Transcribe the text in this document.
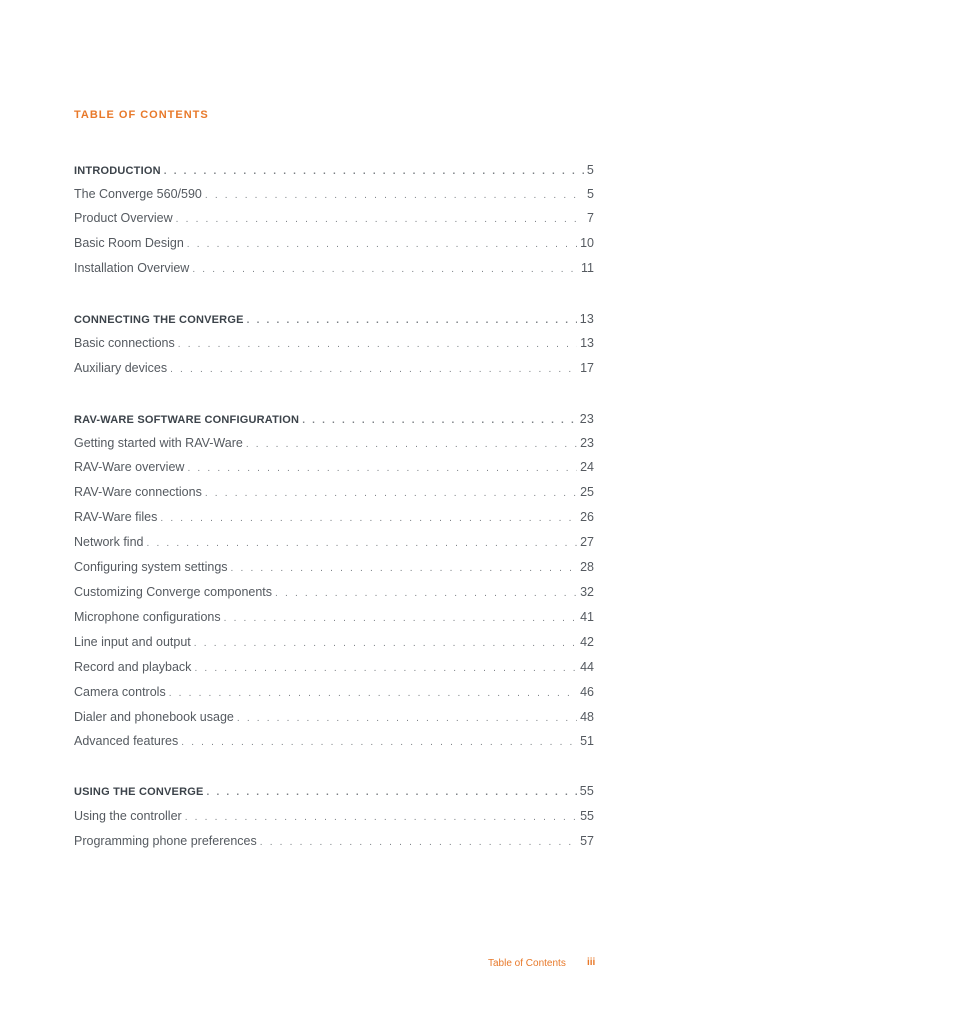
TABLE OF CONTENTS
INTRODUCTION . . .	5
The Converge 560/590 . . .	5
Product Overview . . .	7
Basic Room Design . . .	10
Installation Overview . . .	11
CONNECTING THE CONVERGE . . .	13
Basic connections . . .	13
Auxiliary devices . . .	17
RAV-WARE SOFTWARE CONFIGURATION . . .	23
Getting started with RAV-Ware . . .	23
RAV-Ware overview . . .	24
RAV-Ware connections . . .	25
RAV-Ware files . . .	26
Network find . . .	27
Configuring system settings . . .	28
Customizing Converge components . . .	32
Microphone configurations . . .	41
Line input and output . . .	42
Record and playback . . .	44
Camera controls . . .	46
Dialer and phonebook usage . . .	48
Advanced features . . .	51
USING THE CONVERGE . . .	55
Using the controller . . .	55
Programming phone preferences . . .	57
Table of Contents iii
